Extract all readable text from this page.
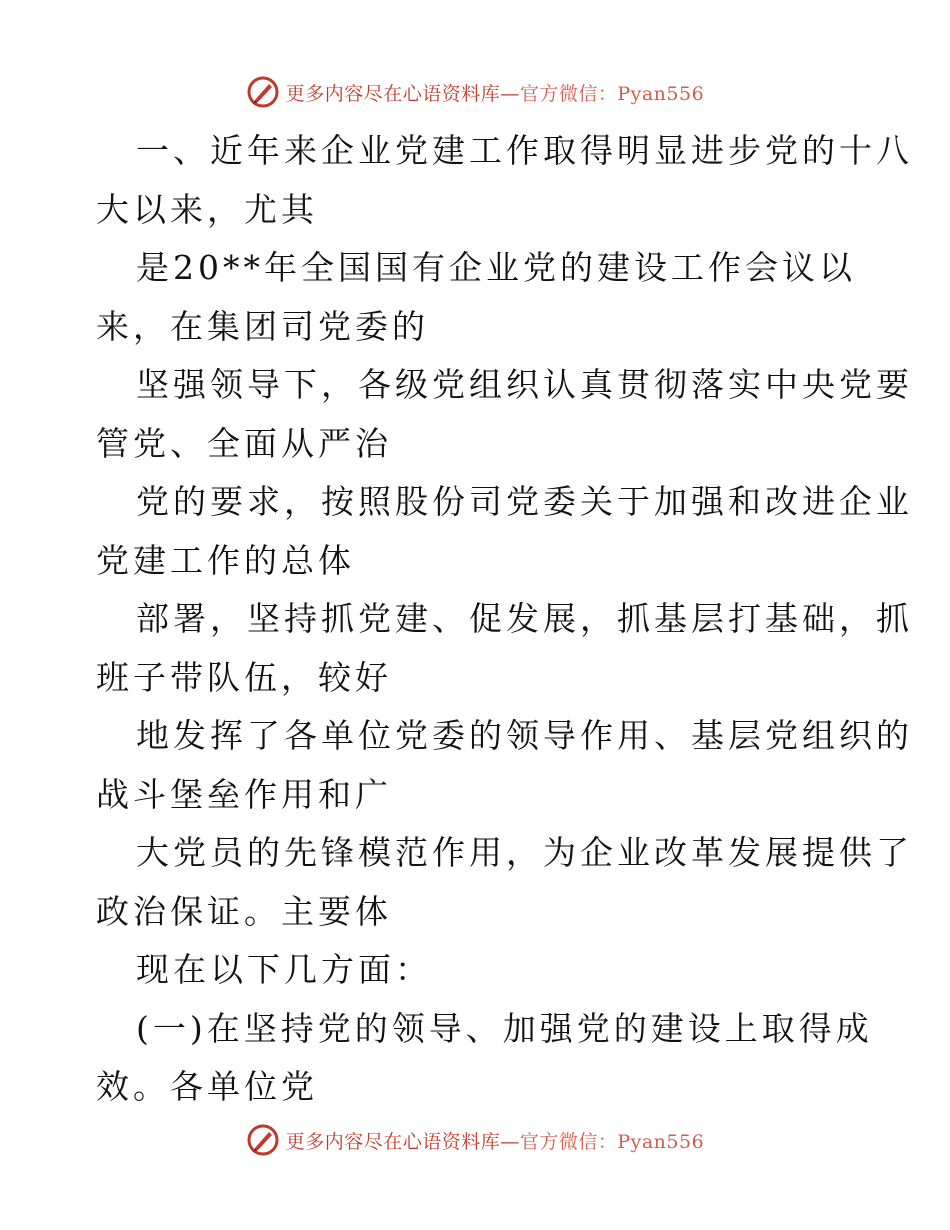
更多内容尽在心语资料库—官方微信：Pyan556
一、近年来企业党建工作取得明显进步党的十八
大以来，尤其
是20**年全国国有企业党的建设工作会议以
来，在集团司党委的
坚强领导下，各级党组织认真贯彻落实中央党要
管党、全面从严治
党的要求，按照股份司党委关于加强和改进企业
党建工作的总体
部署，坚持抓党建、促发展，抓基层打基础，抓
班子带队伍，较好
地发挥了各单位党委的领导作用、基层党组织的
战斗堡垒作用和广
大党员的先锋模范作用，为企业改革发展提供了
政治保证。主要体
现在以下几方面：
(一)在坚持党的领导、加强党的建设上取得成
效。各单位党
更多内容尽在心语资料库—官方微信：Pyan556
